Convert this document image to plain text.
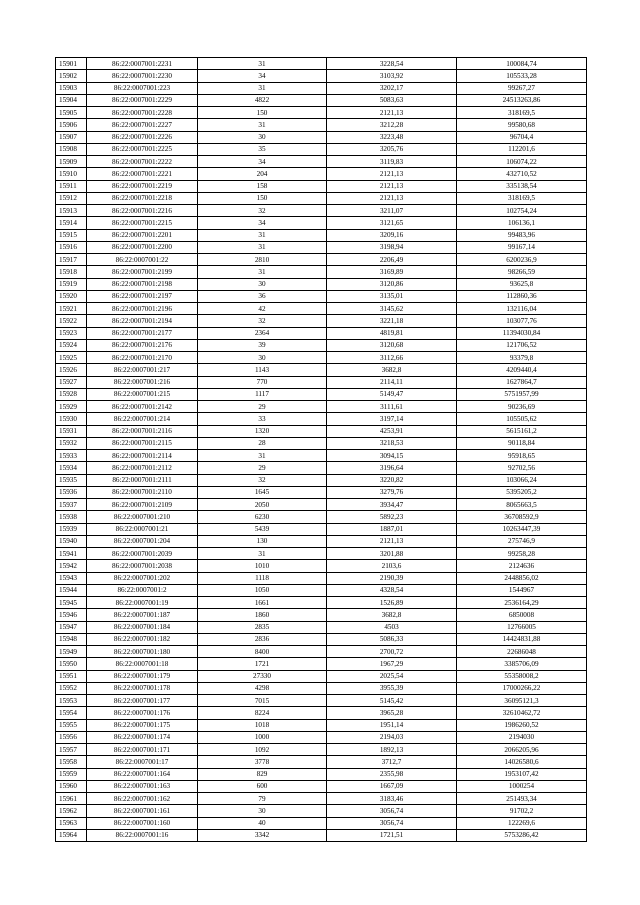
15901	86:22:0007001:2231	31	3228,54	100084,74
15902	86:22:0007001:2230	34	3103,92	105533,28
15903	86:22:0007001:223	31	3202,17	99267,27
15904	86:22:0007001:2229	4822	5083,63	24513263,86
15905	86:22:0007001:2228	150	2121,13	318169,5
15906	86:22:0007001:2227	31	3212,28	99580,68
15907	86:22:0007001:2226	30	3223,48	96704,4
15908	86:22:0007001:2225	35	3205,76	112201,6
15909	86:22:0007001:2222	34	3119,83	106074,22
15910	86:22:0007001:2221	204	2121,13	432710,52
15911	86:22:0007001:2219	158	2121,13	335138,54
15912	86:22:0007001:2218	150	2121,13	318169,5
15913	86:22:0007001:2216	32	3211,07	102754,24
15914	86:22:0007001:2215	34	3121,65	106136,1
15915	86:22:0007001:2201	31	3209,16	99483,96
15916	86:22:0007001:2200	31	3198,94	99167,14
15917	86:22:0007001:22	2810	2206,49	6200236,9
15918	86:22:0007001:2199	31	3169,89	98266,59
15919	86:22:0007001:2198	30	3120,86	93625,8
15920	86:22:0007001:2197	36	3135,01	112860,36
15921	86:22:0007001:2196	42	3145,62	132116,04
15922	86:22:0007001:2194	32	3221,18	103077,76
15923	86:22:0007001:2177	2364	4819,81	11394030,84
15924	86:22:0007001:2176	39	3120,68	121706,52
15925	86:22:0007001:2170	30	3112,66	93379,8
15926	86:22:0007001:217	1143	3682,8	4209440,4
15927	86:22:0007001:216	770	2114,11	1627864,7
15928	86:22:0007001:215	1117	5149,47	5751957,99
15929	86:22:0007001:2142	29	3111,61	90236,69
15930	86:22:0007001:214	33	3197,14	105505,62
15931	86:22:0007001:2116	1320	4253,91	5615161,2
15932	86:22:0007001:2115	28	3218,53	90118,84
15933	86:22:0007001:2114	31	3094,15	95918,65
15934	86:22:0007001:2112	29	3196,64	92702,56
15935	86:22:0007001:2111	32	3220,82	103066,24
15936	86:22:0007001:2110	1645	3279,76	5395205,2
15937	86:22:0007001:2109	2050	3934,47	8065663,5
15938	86:22:0007001:210	6230	5892,23	36708592,9
15939	86:22:0007001:21	5439	1887,01	10263447,39
15940	86:22:0007001:204	130	2121,13	275746,9
15941	86:22:0007001:2039	31	3201,88	99258,28
15942	86:22:0007001:2038	1010	2103,6	2124636
15943	86:22:0007001:202	1118	2190,39	2448856,02
15944	86:22:0007001:2	1050	4328,54	1544967
15945	86:22:0007001:19	1661	1526,89	2536164,29
15946	86:22:0007001:187	1860	3682,8	6850008
15947	86:22:0007001:184	2835	4503	12766005
15948	86:22:0007001:182	2836	5086,33	14424831,88
15949	86:22:0007001:180	8400	2700,72	22686048
15950	86:22:0007001:18	1721	1967,29	3385706,09
15951	86:22:0007001:179	27330	2025,54	55358008,2
15952	86:22:0007001:178	4298	3955,39	17000266,22
15953	86:22:0007001:177	7015	5145,42	36095121,3
15954	86:22:0007001:176	8224	3965,28	32610462,72
15955	86:22:0007001:175	1018	1951,14	1986260,52
15956	86:22:0007001:174	1000	2194,03	2194030
15957	86:22:0007001:171	1092	1892,13	2066205,96
15958	86:22:0007001:17	3778	3712,7	14026580,6
15959	86:22:0007001:164	829	2355,98	1953107,42
15960	86:22:0007001:163	600	1667,09	1000254
15961	86:22:0007001:162	79	3183,46	251493,34
15962	86:22:0007001:161	30	3056,74	91702,2
15963	86:22:0007001:160	40	3056,74	122269,6
15964	86:22:0007001:16	3342	1721,51	5753286,42
